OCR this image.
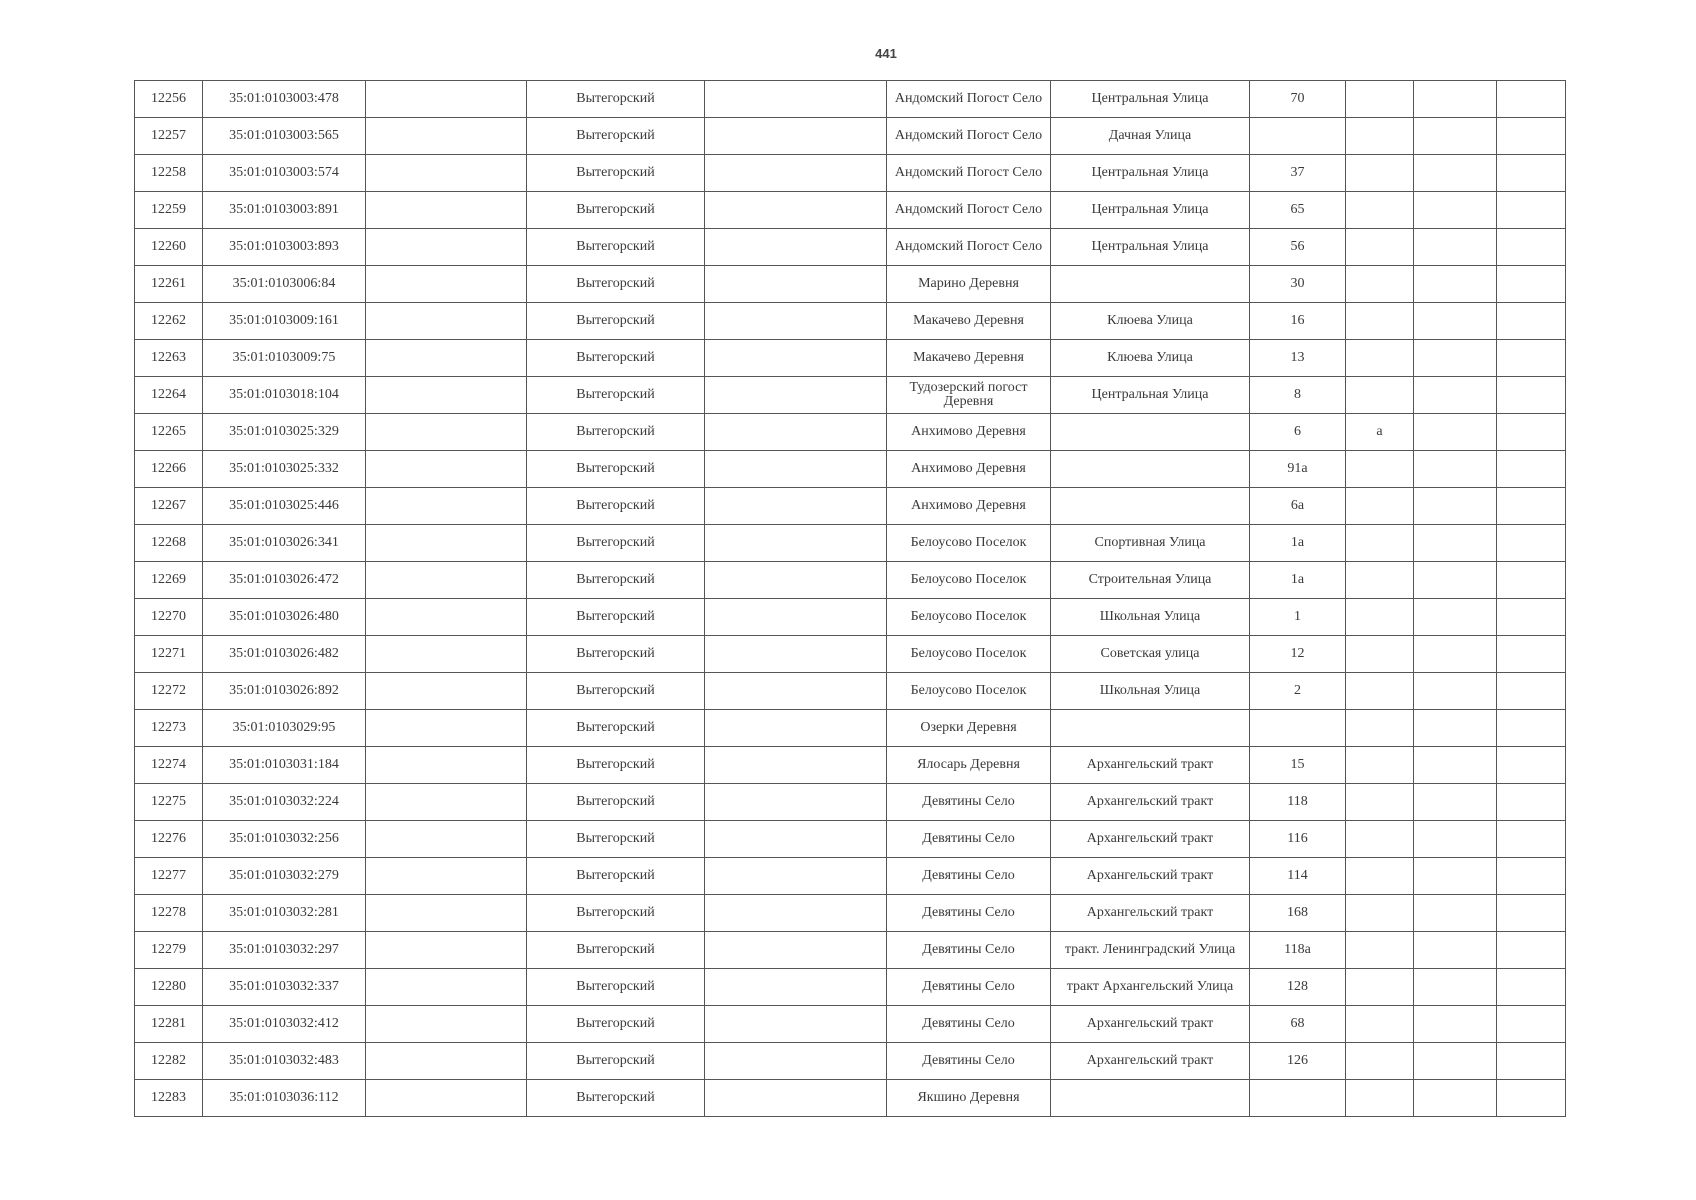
441
12256	35:01:0103003:478		Вытегорский		Андомский Погост Село	Центральная Улица	70			
12257	35:01:0103003:565		Вытегорский		Андомский Погост Село	Дачная Улица				
12258	35:01:0103003:574		Вытегорский		Андомский Погост Село	Центральная Улица	37			
12259	35:01:0103003:891		Вытегорский		Андомский Погост Село	Центральная Улица	65			
12260	35:01:0103003:893		Вытегорский		Андомский Погост Село	Центральная Улица	56			
12261	35:01:0103006:84		Вытегорский		Марино Деревня		30			
12262	35:01:0103009:161		Вытегорский		Макачево Деревня	Клюева Улица	16			
12263	35:01:0103009:75		Вытегорский		Макачево Деревня	Клюева Улица	13			
12264	35:01:0103018:104		Вытегорский		Тудозерский погост Деревня	Центральная Улица	8			
12265	35:01:0103025:329		Вытегорский		Анхимово Деревня		6	а		
12266	35:01:0103025:332		Вытегорский		Анхимово Деревня		91а			
12267	35:01:0103025:446		Вытегорский		Анхимово Деревня		6а			
12268	35:01:0103026:341		Вытегорский		Белоусово Поселок	Спортивная Улица	1а			
12269	35:01:0103026:472		Вытегорский		Белоусово Поселок	Строительная Улица	1а			
12270	35:01:0103026:480		Вытегорский		Белоусово Поселок	Школьная Улица	1			
12271	35:01:0103026:482		Вытегорский		Белоусово Поселок	Советская улица	12			
12272	35:01:0103026:892		Вытегорский		Белоусово Поселок	Школьная Улица	2			
12273	35:01:0103029:95		Вытегорский		Озерки Деревня					
12274	35:01:0103031:184		Вытегорский		Ялосарь Деревня	Архангельский тракт	15			
12275	35:01:0103032:224		Вытегорский		Девятины Село	Архангельский тракт	118			
12276	35:01:0103032:256		Вытегорский		Девятины Село	Архангельский тракт	116			
12277	35:01:0103032:279		Вытегорский		Девятины Село	Архангельский тракт	114			
12278	35:01:0103032:281		Вытегорский		Девятины Село	Архангельский тракт	168			
12279	35:01:0103032:297		Вытегорский		Девятины Село	тракт. Ленинградский Улица	118а			
12280	35:01:0103032:337		Вытегорский		Девятины Село	тракт Архангельский Улица	128			
12281	35:01:0103032:412		Вытегорский		Девятины Село	Архангельский тракт	68			
12282	35:01:0103032:483		Вытегорский		Девятины Село	Архангельский тракт	126			
12283	35:01:0103036:112		Вытегорский		Якшино Деревня					
